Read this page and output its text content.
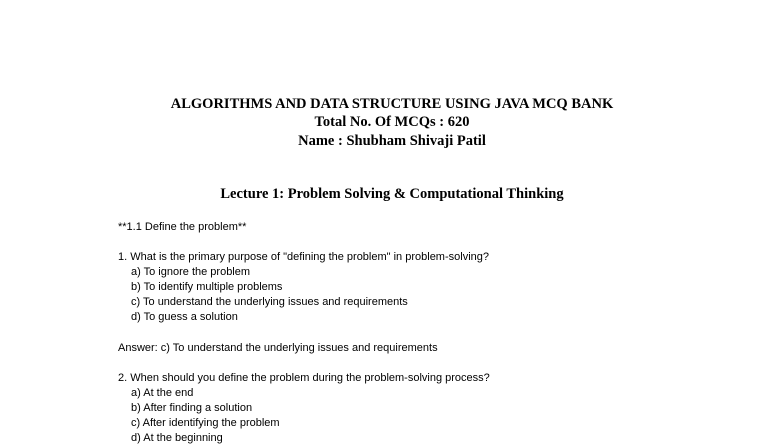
ALGORITHMS AND DATA STRUCTURE USING JAVA MCQ BANK
Total No. Of MCQs : 620
Name : Shubham Shivaji Patil
Lecture 1: Problem Solving & Computational Thinking
**1.1 Define the problem**
1. What is the primary purpose of "defining the problem" in problem-solving?
a) To ignore the problem
b) To identify multiple problems
c) To understand the underlying issues and requirements
d) To guess a solution
Answer: c) To understand the underlying issues and requirements
2. When should you define the problem during the problem-solving process?
a) At the end
b) After finding a solution
c) After identifying the problem
d) At the beginning
